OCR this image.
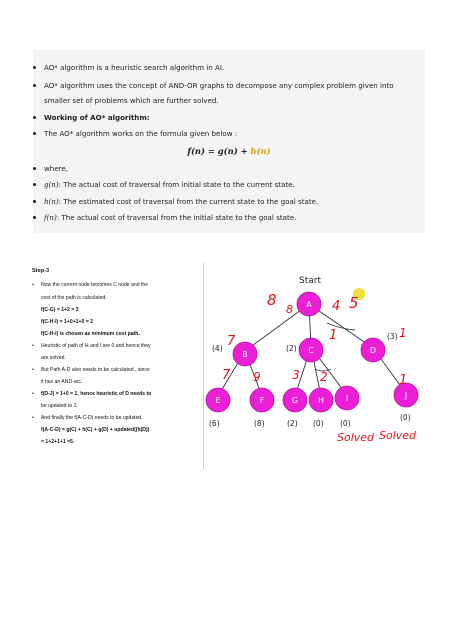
AO* algorithm is a heuristic search algorithm in AI.
AO* algorithm uses the concept of AND-OR graphs to decompose any complex problem given into
smaller set of problems which are further solved.
Working of AO* algorithm:
The AO* algorithm works on the formula given below :
f(n) = g(n) + h(n)
where,
g(n): The actual cost of traversal from initial state to the current state.
h(n): The estimated cost of traversal from the current state to the goal state.
f(n): The actual cost of traversal from the initial state to the goal state.
Step-3
• Now the current node becomes C node and the
cost of the path is calculated,
f(C-G) = 1+2 = 3
f(C-H-I) = 1+0+1+0 = 2
f(C-H-I) is chosen as minimum cost path.
• Heuristic of path of H and I are 0 and hence they
are solved.
• But Path A-D also needs to be calculated , since
it has an AND-arc.
• f(D-J) = 1+0 = 1, hence heuristic of D needs to
be updated to 1.
• And finally the f(A-C-D) needs to be updated.
f(A-C-D) = g(C) + h(C) + g(D) + updated((h(D))
= 1+2+1+1 =5.
A
B	C	D
E	F	G H	I	J
Start
(4)	(2)
(3)
(6)	(8)	(2) (0) (0)
(0)
8
8	4 5
7	1	1
7 9	3 2	1
Solved Solved
